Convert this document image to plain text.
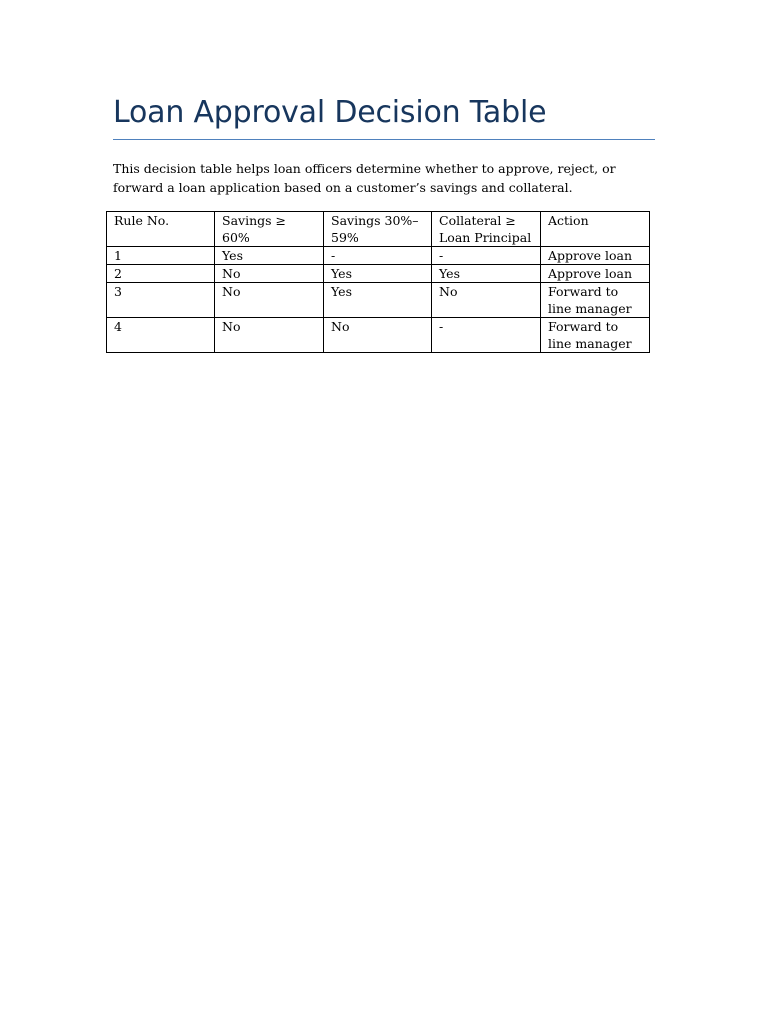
Loan Approval Decision Table

This decision table helps loan officers determine whether to approve, reject, or forward a loan application based on a customer’s savings and collateral.

Rule No.	Savings ≥ 60%	Savings 30%–59%	Collateral ≥ Loan Principal	Action
1	Yes	-	-	Approve loan
2	No	Yes	Yes	Approve loan
3	No	Yes	No	Forward to line manager
4	No	No	-	Forward to line manager
